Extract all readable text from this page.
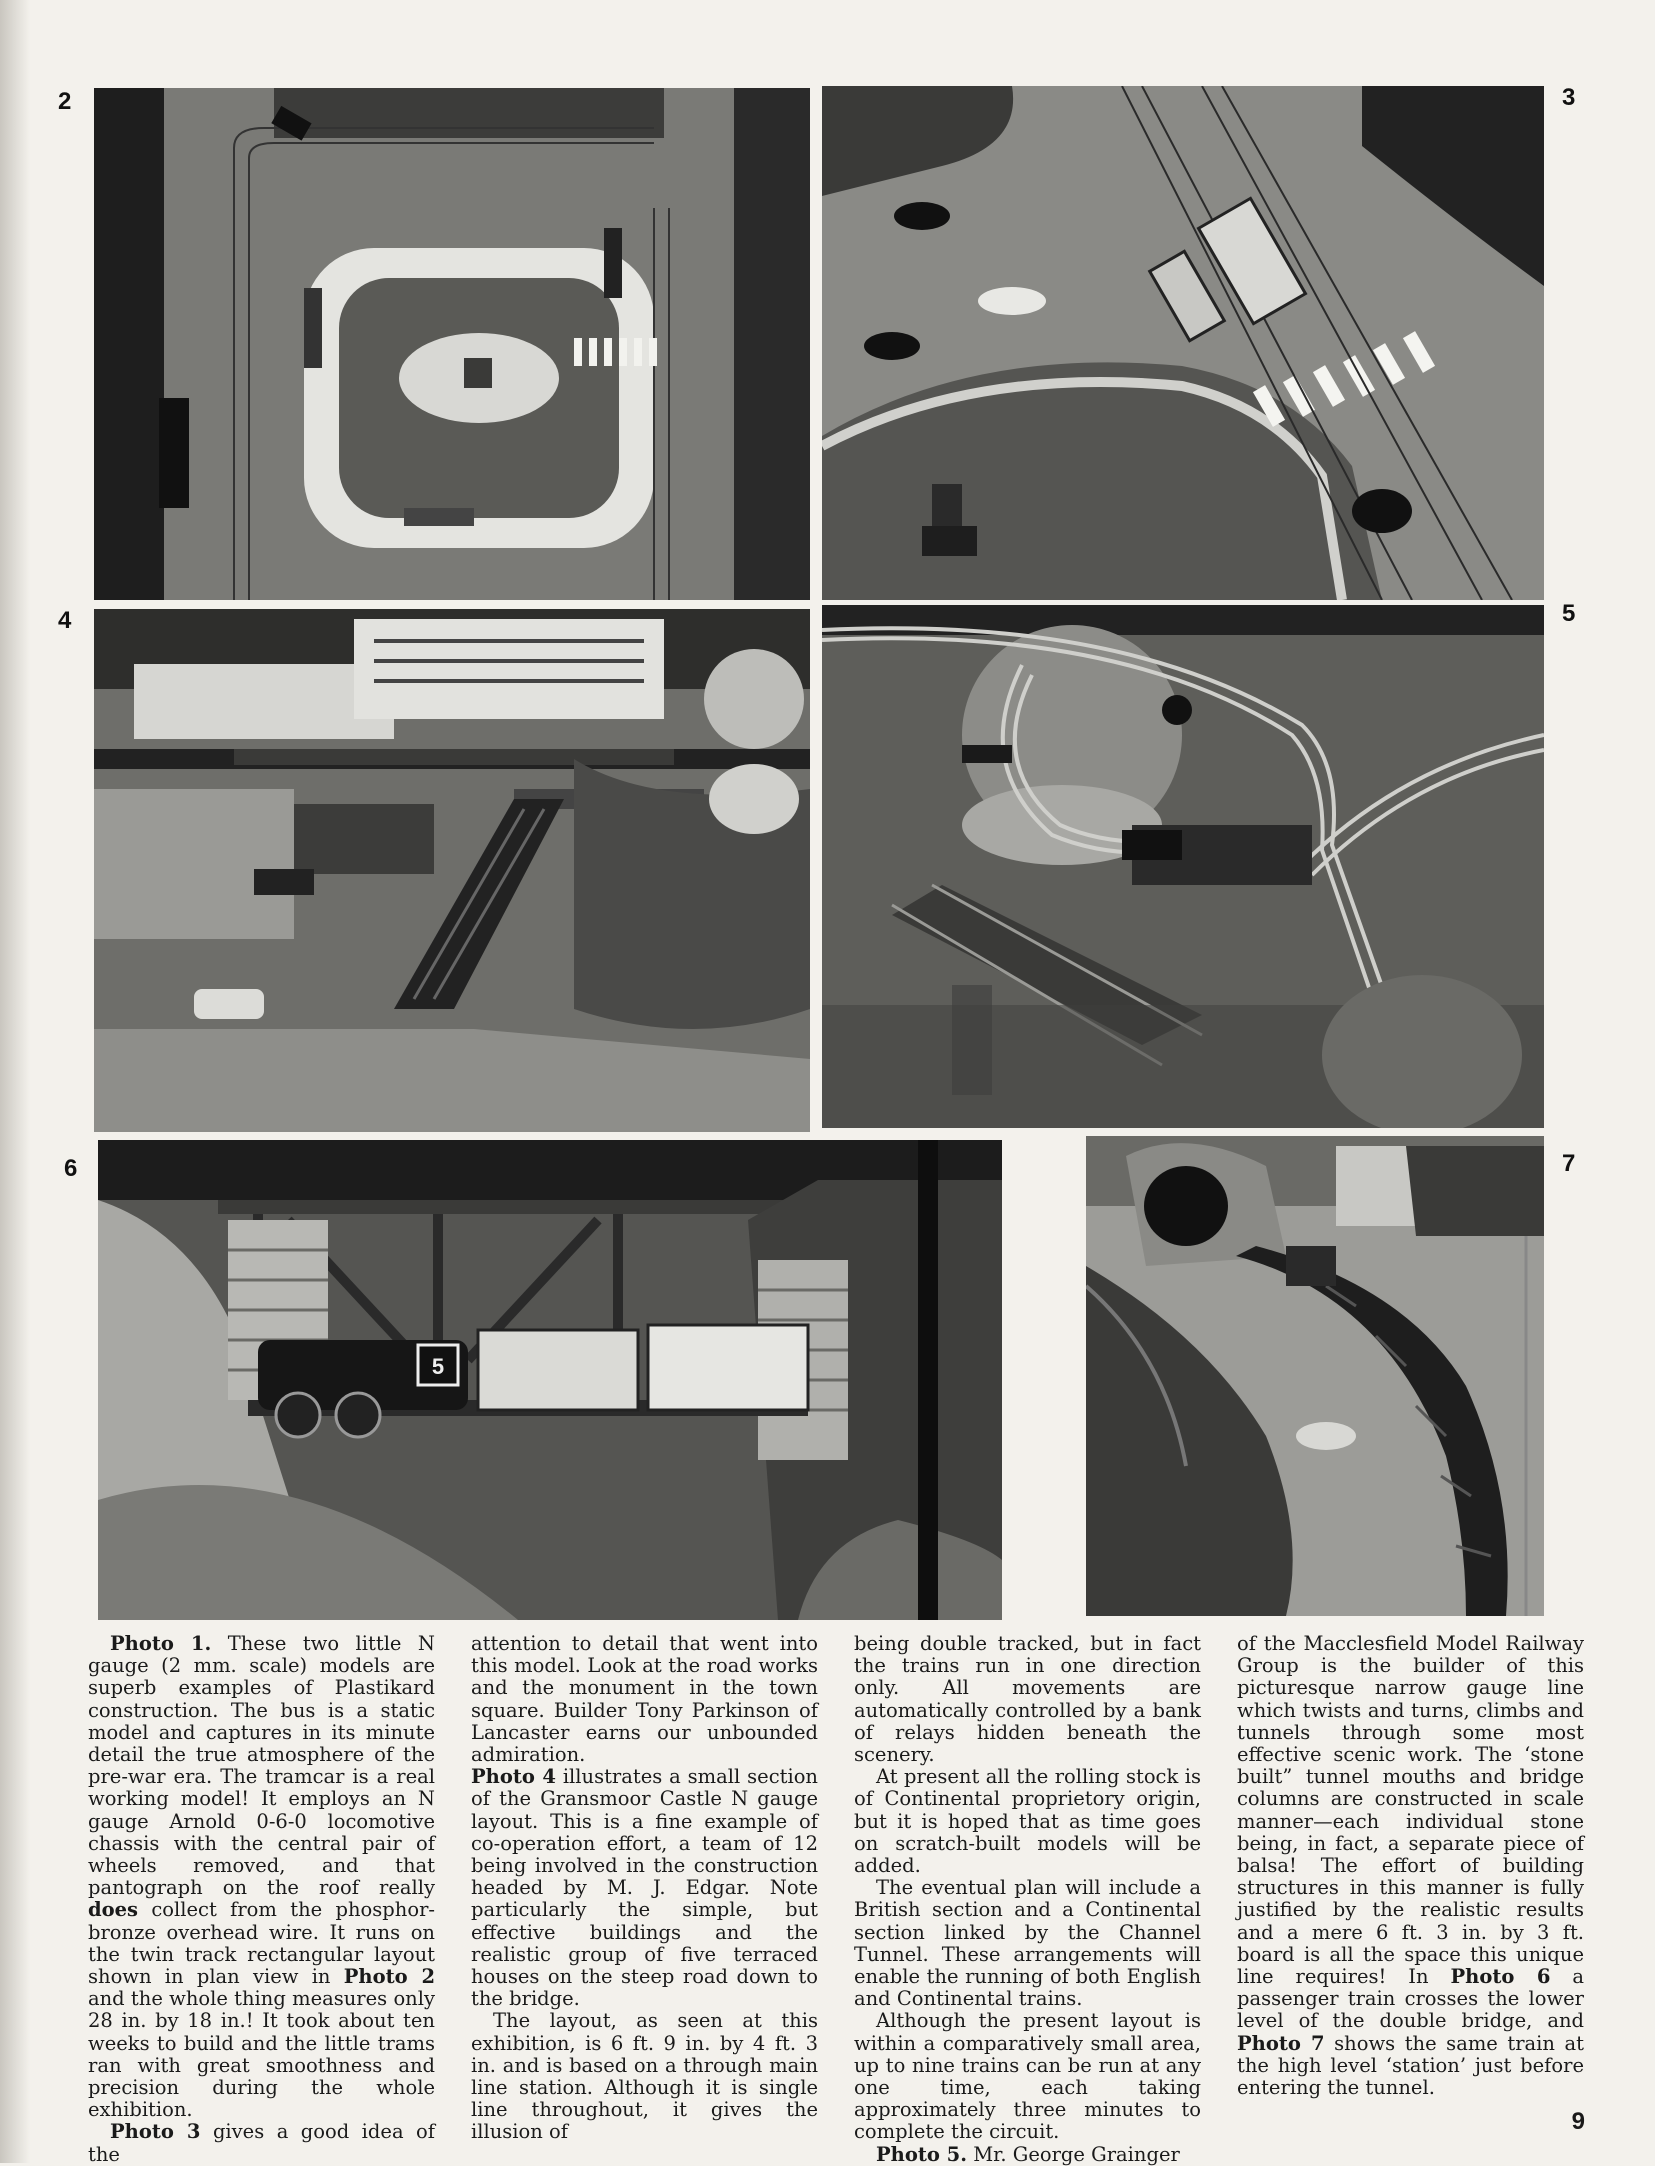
2	3
4	5
6	7
5

Photo 1. These two little N gauge (2 mm. scale) models are superb examples of Plastikard construction. The bus is a static model and captures in its minute detail the true atmosphere of the pre-war era. The tramcar is a real working model! It employs an N gauge Arnold 0-6-0 locomotive chassis with the central pair of wheels removed, and that pantograph on the roof really does collect from the phosphor-bronze overhead wire. It runs on the twin track rectangular layout shown in plan view in Photo 2 and the whole thing measures only 28 in. by 18 in.! It took about ten weeks to build and the little trams ran with great smoothness and precision during the whole exhibition.

Photo 3 gives a good idea of the

attention to detail that went into this model. Look at the road works and the monument in the town square. Builder Tony Parkinson of Lancaster earns our unbounded admiration.

Photo 4 illustrates a small section of the Gransmoor Castle N gauge layout. This is a fine example of co-operation effort, a team of 12 being involved in the construction headed by M. J. Edgar. Note particularly the simple, but effective buildings and the realistic group of five terraced houses on the steep road down to the bridge.

The layout, as seen at this exhibition, is 6 ft. 9 in. by 4 ft. 3 in. and is based on a through main line station. Although it is single line throughout, it gives the illusion of

being double tracked, but in fact the trains run in one direction only. All movements are automatically controlled by a bank of relays hidden beneath the scenery.

At present all the rolling stock is of Continental proprietory origin, but it is hoped that as time goes on scratch-built models will be added.

The eventual plan will include a British section and a Continental section linked by the Channel Tunnel. These arrangements will enable the running of both English and Continental trains.

Although the present layout is within a comparatively small area, up to nine trains can be run at any one time, each taking approximately three minutes to complete the circuit.

Photo 5. Mr. George Grainger

of the Macclesfield Model Railway Group is the builder of this picturesque narrow gauge line which twists and turns, climbs and tunnels through some most effective scenic work. The ‘stone built” tunnel mouths and bridge columns are constructed in scale manner—each individual stone being, in fact, a separate piece of balsa! The effort of building structures in this manner is fully justified by the realistic results and a mere 6 ft. 3 in. by 3 ft. board is all the space this unique line requires! In Photo 6 a passenger train crosses the lower level of the double bridge, and Photo 7 shows the same train at the high level ‘station’ just before entering the tunnel.

9
